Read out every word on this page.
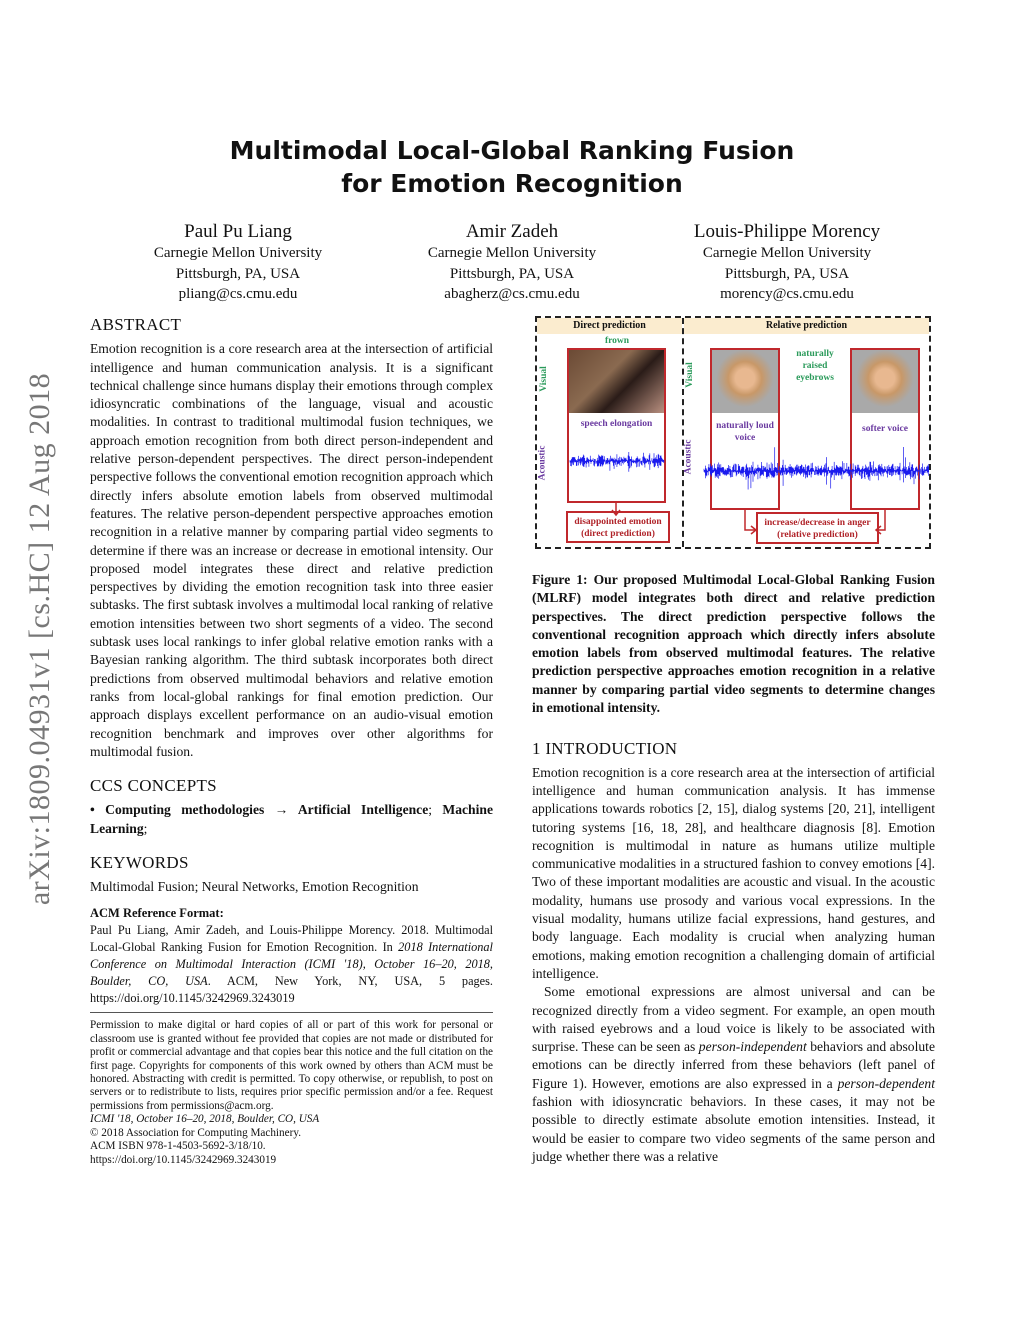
arXiv:1809.04931v1 [cs.HC] 12 Aug 2018
Multimodal Local-Global Ranking Fusion
for Emotion Recognition
Paul Pu Liang
Carnegie Mellon University
Pittsburgh, PA, USA
pliang@cs.cmu.edu
Amir Zadeh
Carnegie Mellon University
Pittsburgh, PA, USA
abagherz@cs.cmu.edu
Louis-Philippe Morency
Carnegie Mellon University
Pittsburgh, PA, USA
morency@cs.cmu.edu
ABSTRACT

Emotion recognition is a core research area at the intersection of artificial intelligence and human communication analysis. It is a significant technical challenge since humans display their emotions through complex idiosyncratic combinations of the language, visual and acoustic modalities. In contrast to traditional multimodal fusion techniques, we approach emotion recognition from both direct person-independent and relative person-dependent perspectives. The direct person-independent perspective follows the conventional emotion recognition approach which directly infers absolute emotion labels from observed multimodal features. The relative person-dependent perspective approaches emotion recognition in a relative manner by comparing partial video segments to determine if there was an increase or decrease in emotional intensity. Our proposed model integrates these direct and relative prediction perspectives by dividing the emotion recognition task into three easier subtasks. The first subtask involves a multimodal local ranking of relative emotion intensities between two short segments of a video. The second subtask uses local rankings to infer global relative emotion ranks with a Bayesian ranking algorithm. The third subtask incorporates both direct predictions from observed multimodal behaviors and relative emotion ranks from local-global rankings for final emotion prediction. Our approach displays excellent performance on an audio-visual emotion recognition benchmark and improves over other algorithms for multimodal fusion.

CCS CONCEPTS

• Computing methodologies → Artificial Intelligence; Machine Learning;

KEYWORDS

Multimodal Fusion; Neural Networks, Emotion Recognition

ACM Reference Format:

Paul Pu Liang, Amir Zadeh, and Louis-Philippe Morency. 2018. Multimodal Local-Global Ranking Fusion for Emotion Recognition. In 2018 International Conference on Multimodal Interaction (ICMI '18), October 16–20, 2018, Boulder, CO, USA. ACM, New York, NY, USA, 5 pages. https://doi.org/10.1145/3242969.3243019

Permission to make digital or hard copies of all or part of this work for personal or classroom use is granted without fee provided that copies are not made or distributed for profit or commercial advantage and that copies bear this notice and the full citation on the first page. Copyrights for components of this work owned by others than ACM must be honored. Abstracting with credit is permitted. To copy otherwise, or republish, to post on servers or to redistribute to lists, requires prior specific permission and/or a fee. Request permissions from permissions@acm.org.

ICMI '18, October 16–20, 2018, Boulder, CO, USA

© 2018 Association for Computing Machinery.

ACM ISBN 978-1-4503-5692-3/18/10.

https://doi.org/10.1145/3242969.3243019

Direct prediction	Relative prediction
Visual
Acoustic
Visual
Acoustic
frown
speech elongation
disappointed emotion
(direct prediction)
naturally raised eyebrows
naturally loud voice
softer voice
increase/decrease in anger
(relative prediction)

Figure 1: Our proposed Multimodal Local-Global Ranking Fusion (MLRF) model integrates both direct and relative prediction perspectives. The direct prediction perspective follows the conventional recognition approach which directly infers absolute emotion labels from observed multimodal features. The relative prediction perspective approaches emotion recognition in a relative manner by comparing partial video segments to determine changes in emotional intensity.

1 INTRODUCTION

Emotion recognition is a core research area at the intersection of artificial intelligence and human communication analysis. It has immense applications towards robotics [2, 15], dialog systems [20, 21], intelligent tutoring systems [16, 18, 28], and healthcare diagnosis [8]. Emotion recognition is multimodal in nature as humans utilize multiple communicative modalities in a structured fashion to convey emotions [4]. Two of these important modalities are acoustic and visual. In the acoustic modality, humans use prosody and various vocal expressions. In the visual modality, humans utilize facial expressions, hand gestures, and body language. Each modality is crucial when analyzing human emotions, making emotion recognition a challenging domain of artificial intelligence.

Some emotional expressions are almost universal and can be recognized directly from a video segment. For example, an open mouth with raised eyebrows and a loud voice is likely to be associated with surprise. These can be seen as person-independent behaviors and absolute emotions can be directly inferred from these behaviors (left panel of Figure 1). However, emotions are also expressed in a person-dependent fashion with idiosyncratic behaviors. In these cases, it may not be possible to directly estimate absolute emotion intensities. Instead, it would be easier to compare two video segments of the same person and judge whether there was a relative
